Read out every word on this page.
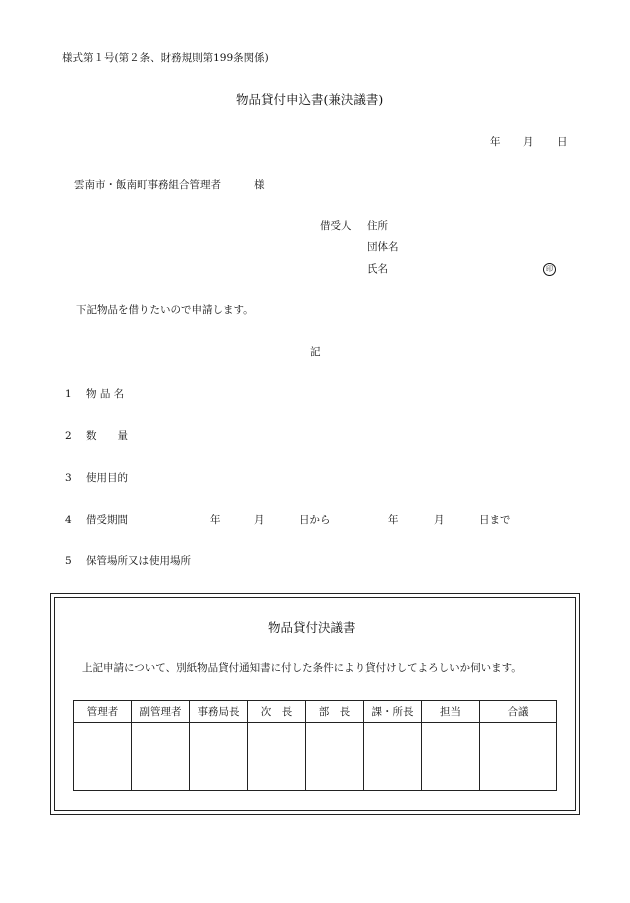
様式第１号(第２条、財務規則第199条関係)
物品貸付申込書(兼決議書)
年 月 日
雲南市・飯南町事務組合管理者	様
借受人 住所
団体名
氏名	印
下記物品を借りたいので申請します。
記
1 物 品 名
2 数　　量
3 使用目的
4 借受期間	年	月	日から	年	月	日まで
5 保管場所又は使用場所
物品貸付決議書
上記申請について、別紙物品貸付通知書に付した条件により貸付けしてよろしいか伺います。
管理者	副管理者	事務局長	次　長	部　長	課・所長	担当	合議
